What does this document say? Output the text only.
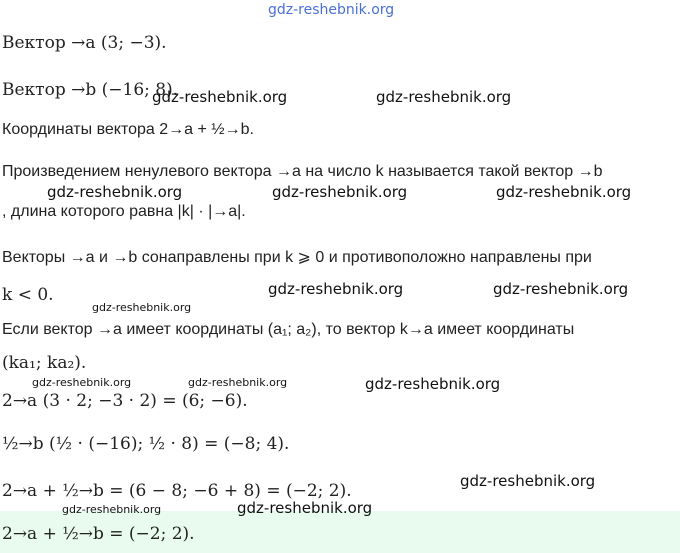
gdz-reshebnik.org
Вектор →a (3; −3).
Вектор →b (−16; 8).
gdz-reshebnik.org	gdz-reshebnik.org
Координаты вектора 2→a + ½→b.
Произведением ненулевого вектора →a на число k называется такой вектор →b
gdz-reshebnik.org	gdz-reshebnik.org	gdz-reshebnik.org
, длина которого равна |k| · |→a|.
Векторы →a и →b сонаправлены при k ⩾ 0 и противоположно направлены при
k < 0.	gdz-reshebnik.org	gdz-reshebnik.org
gdz-reshebnik.org
Если вектор →a имеет координаты (a₁; a₂), то вектор k→a имеет координаты
(ka₁; ka₂).
gdz-reshebnik.org	gdz-reshebnik.org	gdz-reshebnik.org
2→a (3 · 2; −3 · 2) = (6; −6).
½→b (½ · (−16); ½ · 8) = (−8; 4).
gdz-reshebnik.org
2→a + ½→b = (6 − 8; −6 + 8) = (−2; 2).
gdz-reshebnik.org	gdz-reshebnik.org
2→a + ½→b = (−2; 2).
